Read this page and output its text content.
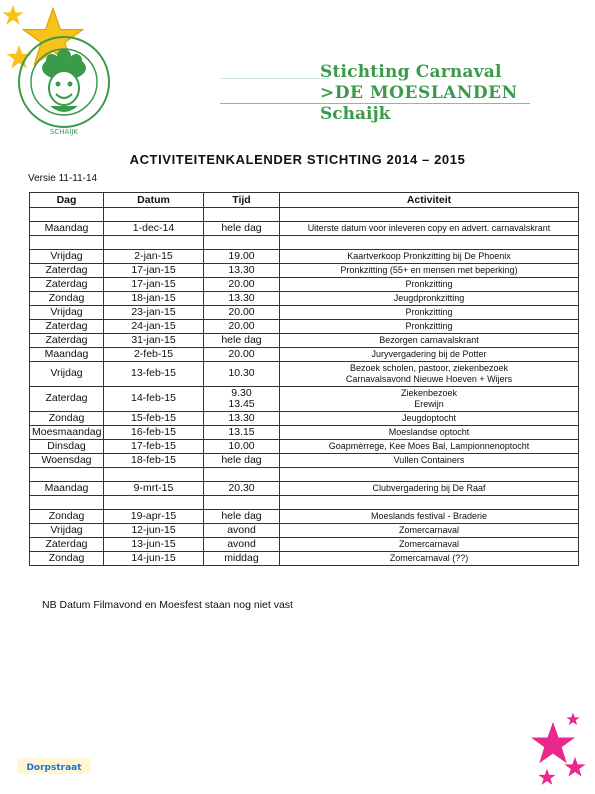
SCHAIJK
Stichting Carnaval
>DE MOESLANDEN
Schaijk
ACTIVITEITENKALENDER STICHTING 2014 – 2015
Versie 11-11-14
Dag	Datum	Tijd	Activiteit

Maandag	1-dec-14	hele dag	Uiterste datum voor inleveren copy en advert. carnavalskrant

Vrijdag	2-jan-15	19.00	Kaartverkoop Pronkzitting bij De Phoenix
Zaterdag	17-jan-15	13.30	Pronkzitting (55+ en mensen met beperking)
Zaterdag	17-jan-15	20.00	Pronkzitting
Zondag	18-jan-15	13.30	Jeugdpronkzitting
Vrijdag	23-jan-15	20.00	Pronkzitting
Zaterdag	24-jan-15	20.00	Pronkzitting
Zaterdag	31-jan-15	hele dag	Bezorgen carnavalskrant
Maandag	2-feb-15	20.00	Juryvergadering bij de Potter
Vrijdag	13-feb-15	10.30	Bezoek scholen, pastoor, ziekenbezoek
Carnavalsavond Nieuwe Hoeven + Wijers

Zaterdag	14-feb-15	9.30
13.45	Ziekenbezoek
Erewijn

Zondag	15-feb-15	13.30	Jeugdoptocht
Moesmaandag	16-feb-15	13.15	Moeslandse optocht
Dinsdag	17-feb-15	10.00	Goapmèrrege, Kee Moes Bal, Lampionnenoptocht
Woensdag	18-feb-15	hele dag	Vullen Containers

Maandag	9-mrt-15	20.30	Clubvergadering bij De Raaf

Zondag	19-apr-15	hele dag	Moeslands festival - Braderie
Vrijdag	12-jun-15	avond	Zomercarnaval
Zaterdag	13-jun-15	avond	Zomercarnaval
Zondag	14-jun-15	middag	Zomercarnaval (??)
NB Datum Filmavond en Moesfest staan nog niet vast
Dorpstraat
